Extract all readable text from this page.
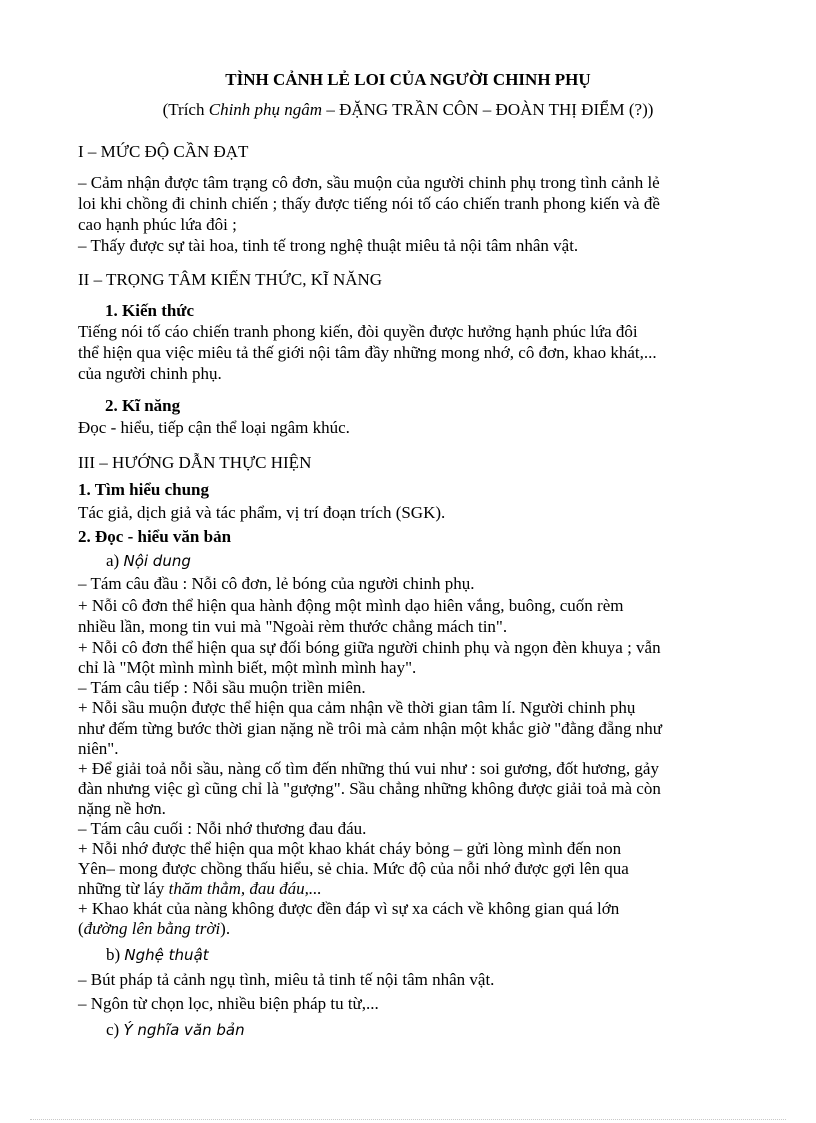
TÌNH CẢNH LẺ LOI CỦA NGƯỜI CHINH PHỤ
(Trích Chinh phụ ngâm – ĐẶNG TRẦN CÔN – ĐOÀN THỊ ĐIỂM (?))
I – MỨC ĐỘ CẦN ĐẠT
– Cảm nhận được tâm trạng cô đơn, sầu muộn của người chinh phụ trong tình cảnh lẻ
loi khi chồng đi chinh chiến ; thấy được tiếng nói tố cáo chiến tranh phong kiến và đề
cao hạnh phúc lứa đôi ;
– Thấy được sự tài hoa, tinh tế trong nghệ thuật miêu tả nội tâm nhân vật.
II – TRỌNG TÂM KIẾN THỨC, KĨ NĂNG
1. Kiến thức
Tiếng nói tố cáo chiến tranh phong kiến, đòi quyền được hưởng hạnh phúc lứa đôi
thể hiện qua việc miêu tả thế giới nội tâm đầy những mong nhớ, cô đơn, khao khát,...
của người chinh phụ.
2. Kĩ năng
Đọc - hiểu, tiếp cận thể loại ngâm khúc.
III – HƯỚNG DẪN THỰC HIỆN
1. Tìm hiểu chung
Tác giả, dịch giả và tác phẩm, vị trí đoạn trích (SGK).
2. Đọc - hiểu văn bản
a) Nội dung
– Tám câu đầu : Nỗi cô đơn, lẻ bóng của người chinh phụ.
+ Nỗi cô đơn thể hiện qua hành động một mình dạo hiên vắng, buông, cuốn rèm
nhiều lần, mong tin vui mà "Ngoài rèm thước chẳng mách tin".
+ Nỗi cô đơn thể hiện qua sự đối bóng giữa người chinh phụ và ngọn đèn khuya ; vẫn
chỉ là "Một mình mình biết, một mình mình hay".
– Tám câu tiếp : Nỗi sầu muộn triền miên.
+ Nỗi sầu muộn được thể hiện qua cảm nhận về thời gian tâm lí. Người chinh phụ
như đếm từng bước thời gian nặng nề trôi mà cảm nhận một khắc giờ "đằng đẵng như
niên".
+ Để giải toả nỗi sầu, nàng cố tìm đến những thú vui như : soi gương, đốt hương, gảy
đàn nhưng việc gì cũng chỉ là "gượng". Sầu chẳng những không được giải toả mà còn
nặng nề hơn.
– Tám câu cuối : Nỗi nhớ thương đau đáu.
+ Nỗi nhớ được thể hiện qua một khao khát cháy bỏng – gửi lòng mình đến non
Yên– mong được chồng thấu hiểu, sẻ chia. Mức độ của nỗi nhớ được gợi lên qua
những từ láy thăm thẳm, đau đáu,...
+ Khao khát của nàng không được đền đáp vì sự xa cách về không gian quá lớn
(đường lên bằng trời).
b) Nghệ thuật
– Bút pháp tả cảnh ngụ tình, miêu tả tinh tế nội tâm nhân vật.
– Ngôn từ chọn lọc, nhiều biện pháp tu từ,...
c) Ý nghĩa văn bản
